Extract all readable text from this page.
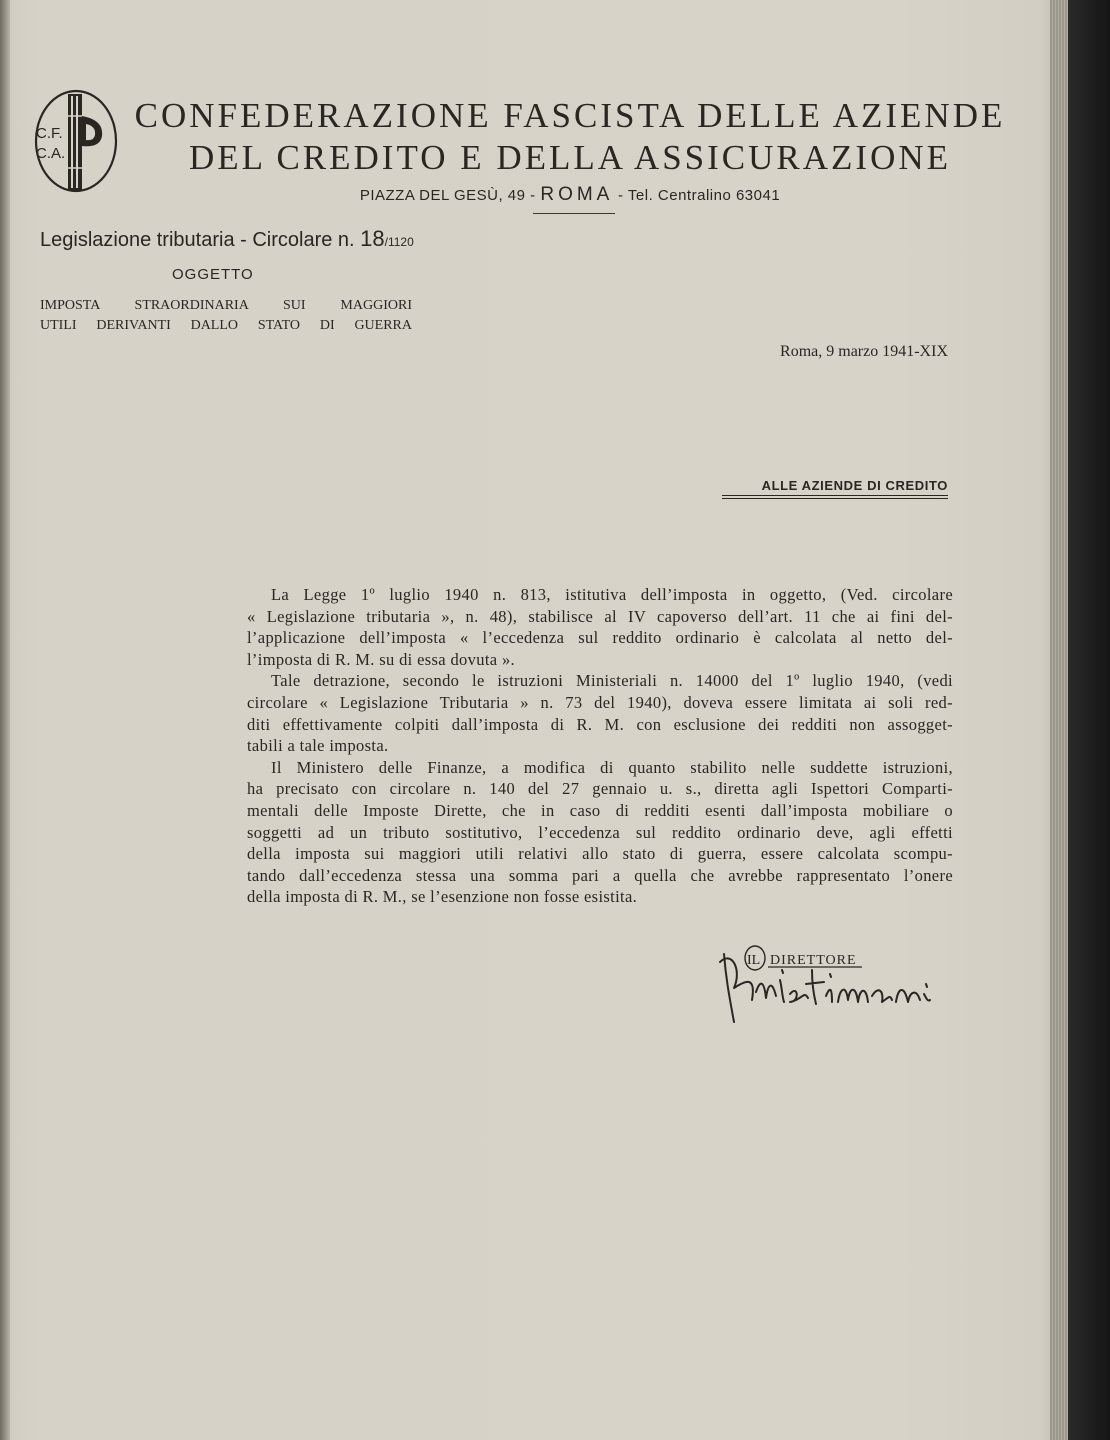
C.F.
C.A.
CONFEDERAZIONE FASCISTA DELLE AZIENDE
DEL CREDITO E DELLA ASSICURAZIONE
PIAZZA DEL GESÙ, 49 - ROMA - Tel. Centralino 63041
Legislazione tributaria - Circolare n. 18/1120
OGGETTO
IMPOSTA STRAORDINARIA SUI MAGGIORI
UTILI DERIVANTI DALLO STATO DI GUERRA
Roma, 9 marzo 1941-XIX
ALLE AZIENDE DI CREDITO
La Legge 1º luglio 1940 n. 813, istitutiva dell’imposta in oggetto, (Ved. circolare
« Legislazione tributaria », n. 48), stabilisce al IV capoverso dell’art. 11 che ai fini del-
l’applicazione dell’imposta « l’eccedenza sul reddito ordinario è calcolata al netto del-
l’imposta di R. M. su di essa dovuta ».
Tale detrazione, secondo le istruzioni Ministeriali n. 14000 del 1º luglio 1940, (vedi
circolare « Legislazione Tributaria » n. 73 del 1940), doveva essere limitata ai soli red-
diti effettivamente colpiti dall’imposta di R. M. con esclusione dei redditi non assogget-
tabili a tale imposta.
Il Ministero delle Finanze, a modifica di quanto stabilito nelle suddette istruzioni,
ha precisato con circolare n. 140 del 27 gennaio u. s., diretta agli Ispettori Comparti-
mentali delle Imposte Dirette, che in caso di redditi esenti dall’imposta mobiliare o
soggetti ad un tributo sostitutivo, l’eccedenza sul reddito ordinario deve, agli effetti
della imposta sui maggiori utili relativi allo stato di guerra, essere calcolata scompu-
tando dall’eccedenza stessa una somma pari a quella che avrebbe rappresentato l’onere
della imposta di R. M., se l’esenzione non fosse esistita.
IL DIRETTORE
